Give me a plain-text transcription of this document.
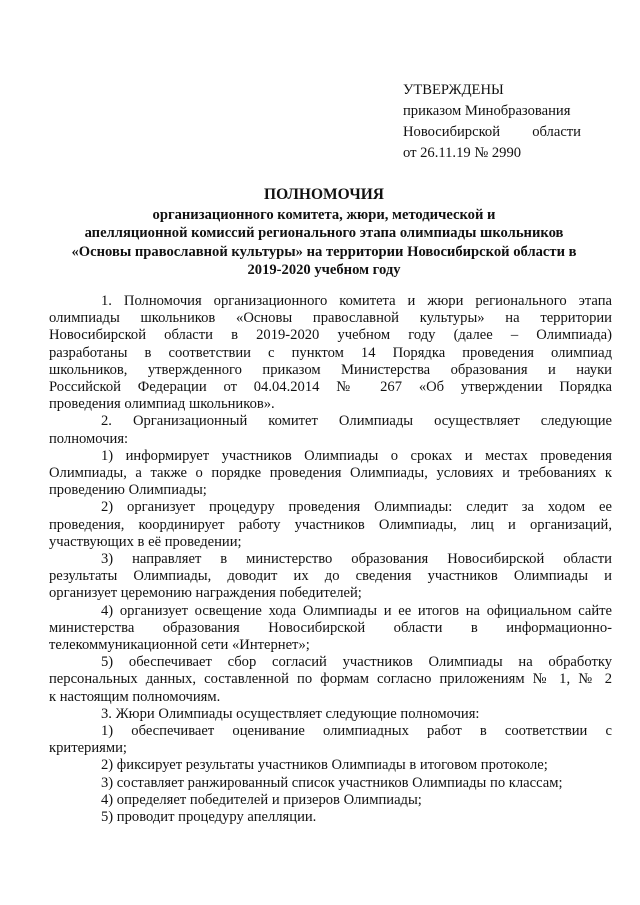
УТВЕРЖДЕНЫ
приказом Минобразования
Новосибирской области
от 26.11.19 № 2990
ПОЛНОМОЧИЯ
организационного комитета, жюри, методической и
апелляционной комиссий регионального этапа олимпиады школьников
«Основы православной культуры» на территории Новосибирской области в
2019-2020 учебном году

1. Полномочия организационного комитета и жюри регионального этапа
олимпиады школьников «Основы православной культуры» на территории
Новосибирской области в 2019-2020 учебном году (далее – Олимпиада)
разработаны в соответствии с пунктом 14 Порядка проведения олимпиад
школьников, утвержденного приказом Министерства образования и науки
Российской Федерации от 04.04.2014 № 267 «Об утверждении Порядка
проведения олимпиад школьников».

2. Организационный комитет Олимпиады осуществляет следующие
полномочия:

1) информирует участников Олимпиады о сроках и местах проведения
Олимпиады, а также о порядке проведения Олимпиады, условиях и требованиях к
проведению Олимпиады;

2) организует процедуру проведения Олимпиады: следит за ходом ее
проведения, координирует работу участников Олимпиады, лиц и организаций,
участвующих в её проведении;

3) направляет в министерство образования Новосибирской области
результаты Олимпиады, доводит их до сведения участников Олимпиады и
организует церемонию награждения победителей;

4) организует освещение хода Олимпиады и ее итогов на официальном сайте
министерства образования Новосибирской области в информационно-
телекоммуникационной сети «Интернет»;

5) обеспечивает сбор согласий участников Олимпиады на обработку
персональных данных, составленной по формам согласно приложениям № 1, № 2
к настоящим полномочиям.

3. Жюри Олимпиады осуществляет следующие полномочия:

1) обеспечивает оценивание олимпиадных работ в соответствии с
критериями;

2) фиксирует результаты участников Олимпиады в итоговом протоколе;

3) составляет ранжированный список участников Олимпиады по классам;

4) определяет победителей и призеров Олимпиады;

5) проводит процедуру апелляции.
